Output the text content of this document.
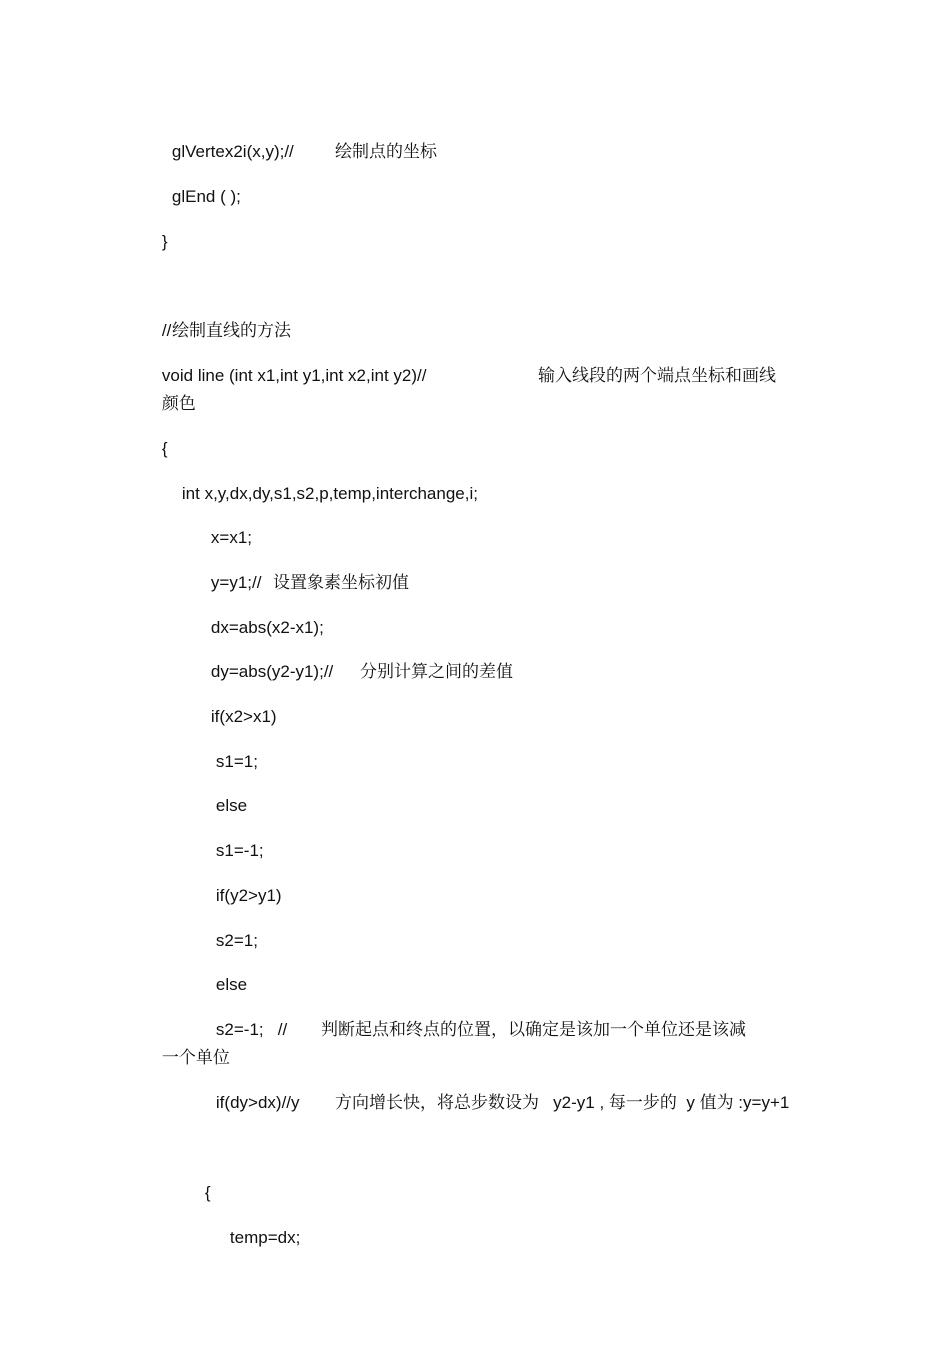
glVertex2i(x,y);// 绘制点的坐标

glEnd ( );

}

// 绘制直线的方法

void line (int x1,int y1,int x2,int y2)//	输入线段的两个端点坐标和画线

颜色

{

int x,y,dx,dy,s1,s2,p,temp,interchange,i;

x=x1;

y=y1;// 设置象素坐标初值

dx=abs(x2-x1);

dy=abs(y2-y1);// 分别计算之间的差值

if(x2>x1)

s1=1;

else

s1=-1;

if(y2>y1)

s2=1;

else

s2=-1;   // 判断起点和终点的位置，以确定是该加一个单位还是该减

一个单位

if(dy>dx)//y 方向增长快，将总步数设为   y2-y1 , 每一步的  y 值为 :y=y+1

{

temp=dx;
